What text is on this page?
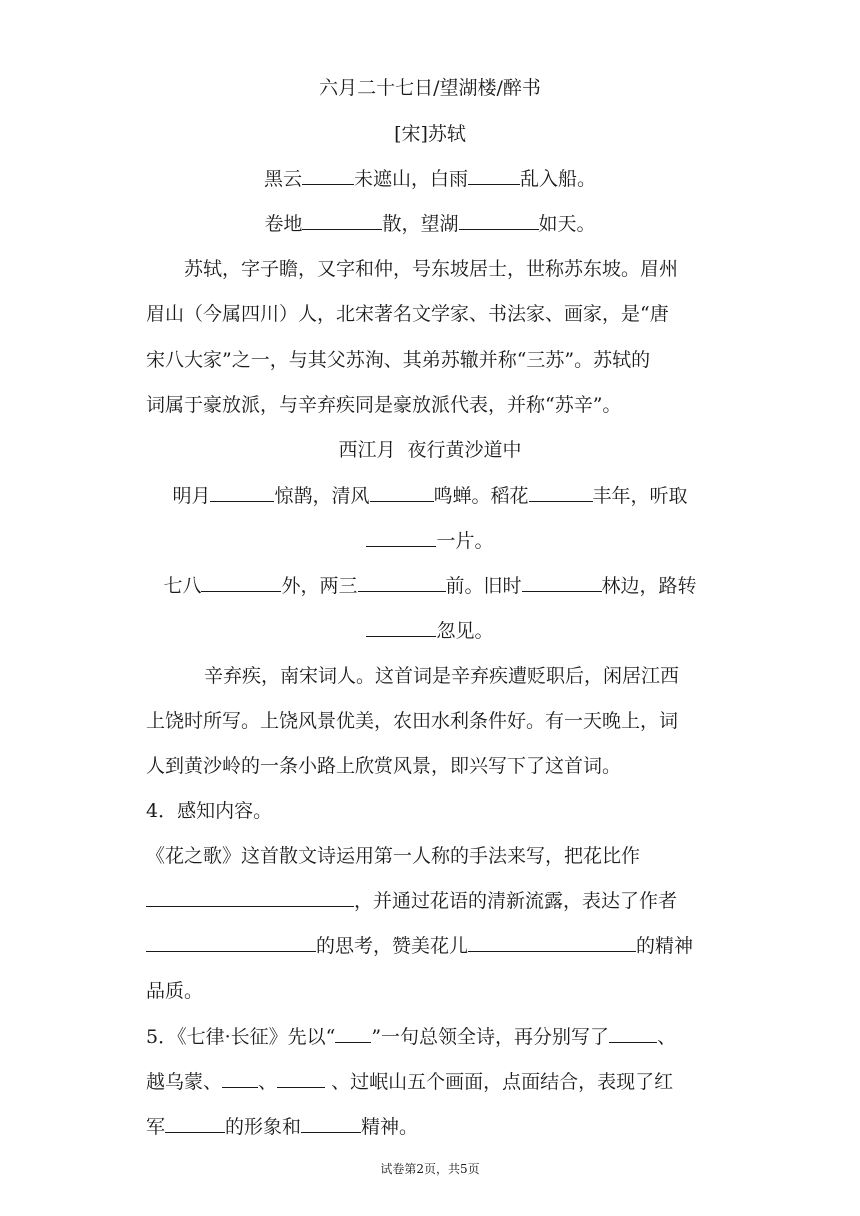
六月二十七日/望湖楼/醉书
[宋]苏轼
黑云	未遮山，白雨	乱入船。
卷地	散，望湖	如天。
苏轼，字子瞻，又字和仲，号东坡居士，世称苏东坡。眉州
眉山（今属四川）人，北宋著名文学家、书法家、画家，是“唐
宋八大家”之一，与其父苏洵、其弟苏辙并称“三苏”。苏轼的
词属于豪放派，与辛弃疾同是豪放派代表，并称“苏辛”。
西江月  夜行黄沙道中
明月	惊鹊，清风	鸣蝉。稻花	丰年，听取
一片。
七八	外，两三	前。旧时	林边，路转
忽见。
辛弃疾，南宋词人。这首词是辛弃疾遭贬职后，闲居江西
上饶时所写。上饶风景优美，农田水利条件好。有一天晚上，词
人到黄沙岭的一条小路上欣赏风景，即兴写下了这首词。
4．感知内容。
《花之歌》这首散文诗运用第一人称的手法来写，把花比作
，并通过花语的清新流露，表达了作者
的思考，赞美花儿	的精神
品质。
5．《七律·长征》先以“ ”一句总领全诗，再分别写了	、
越乌蒙、 、	、过岷山五个画面，点面结合，表现了红
军	的形象和	精神。
试卷第2页，共5页
